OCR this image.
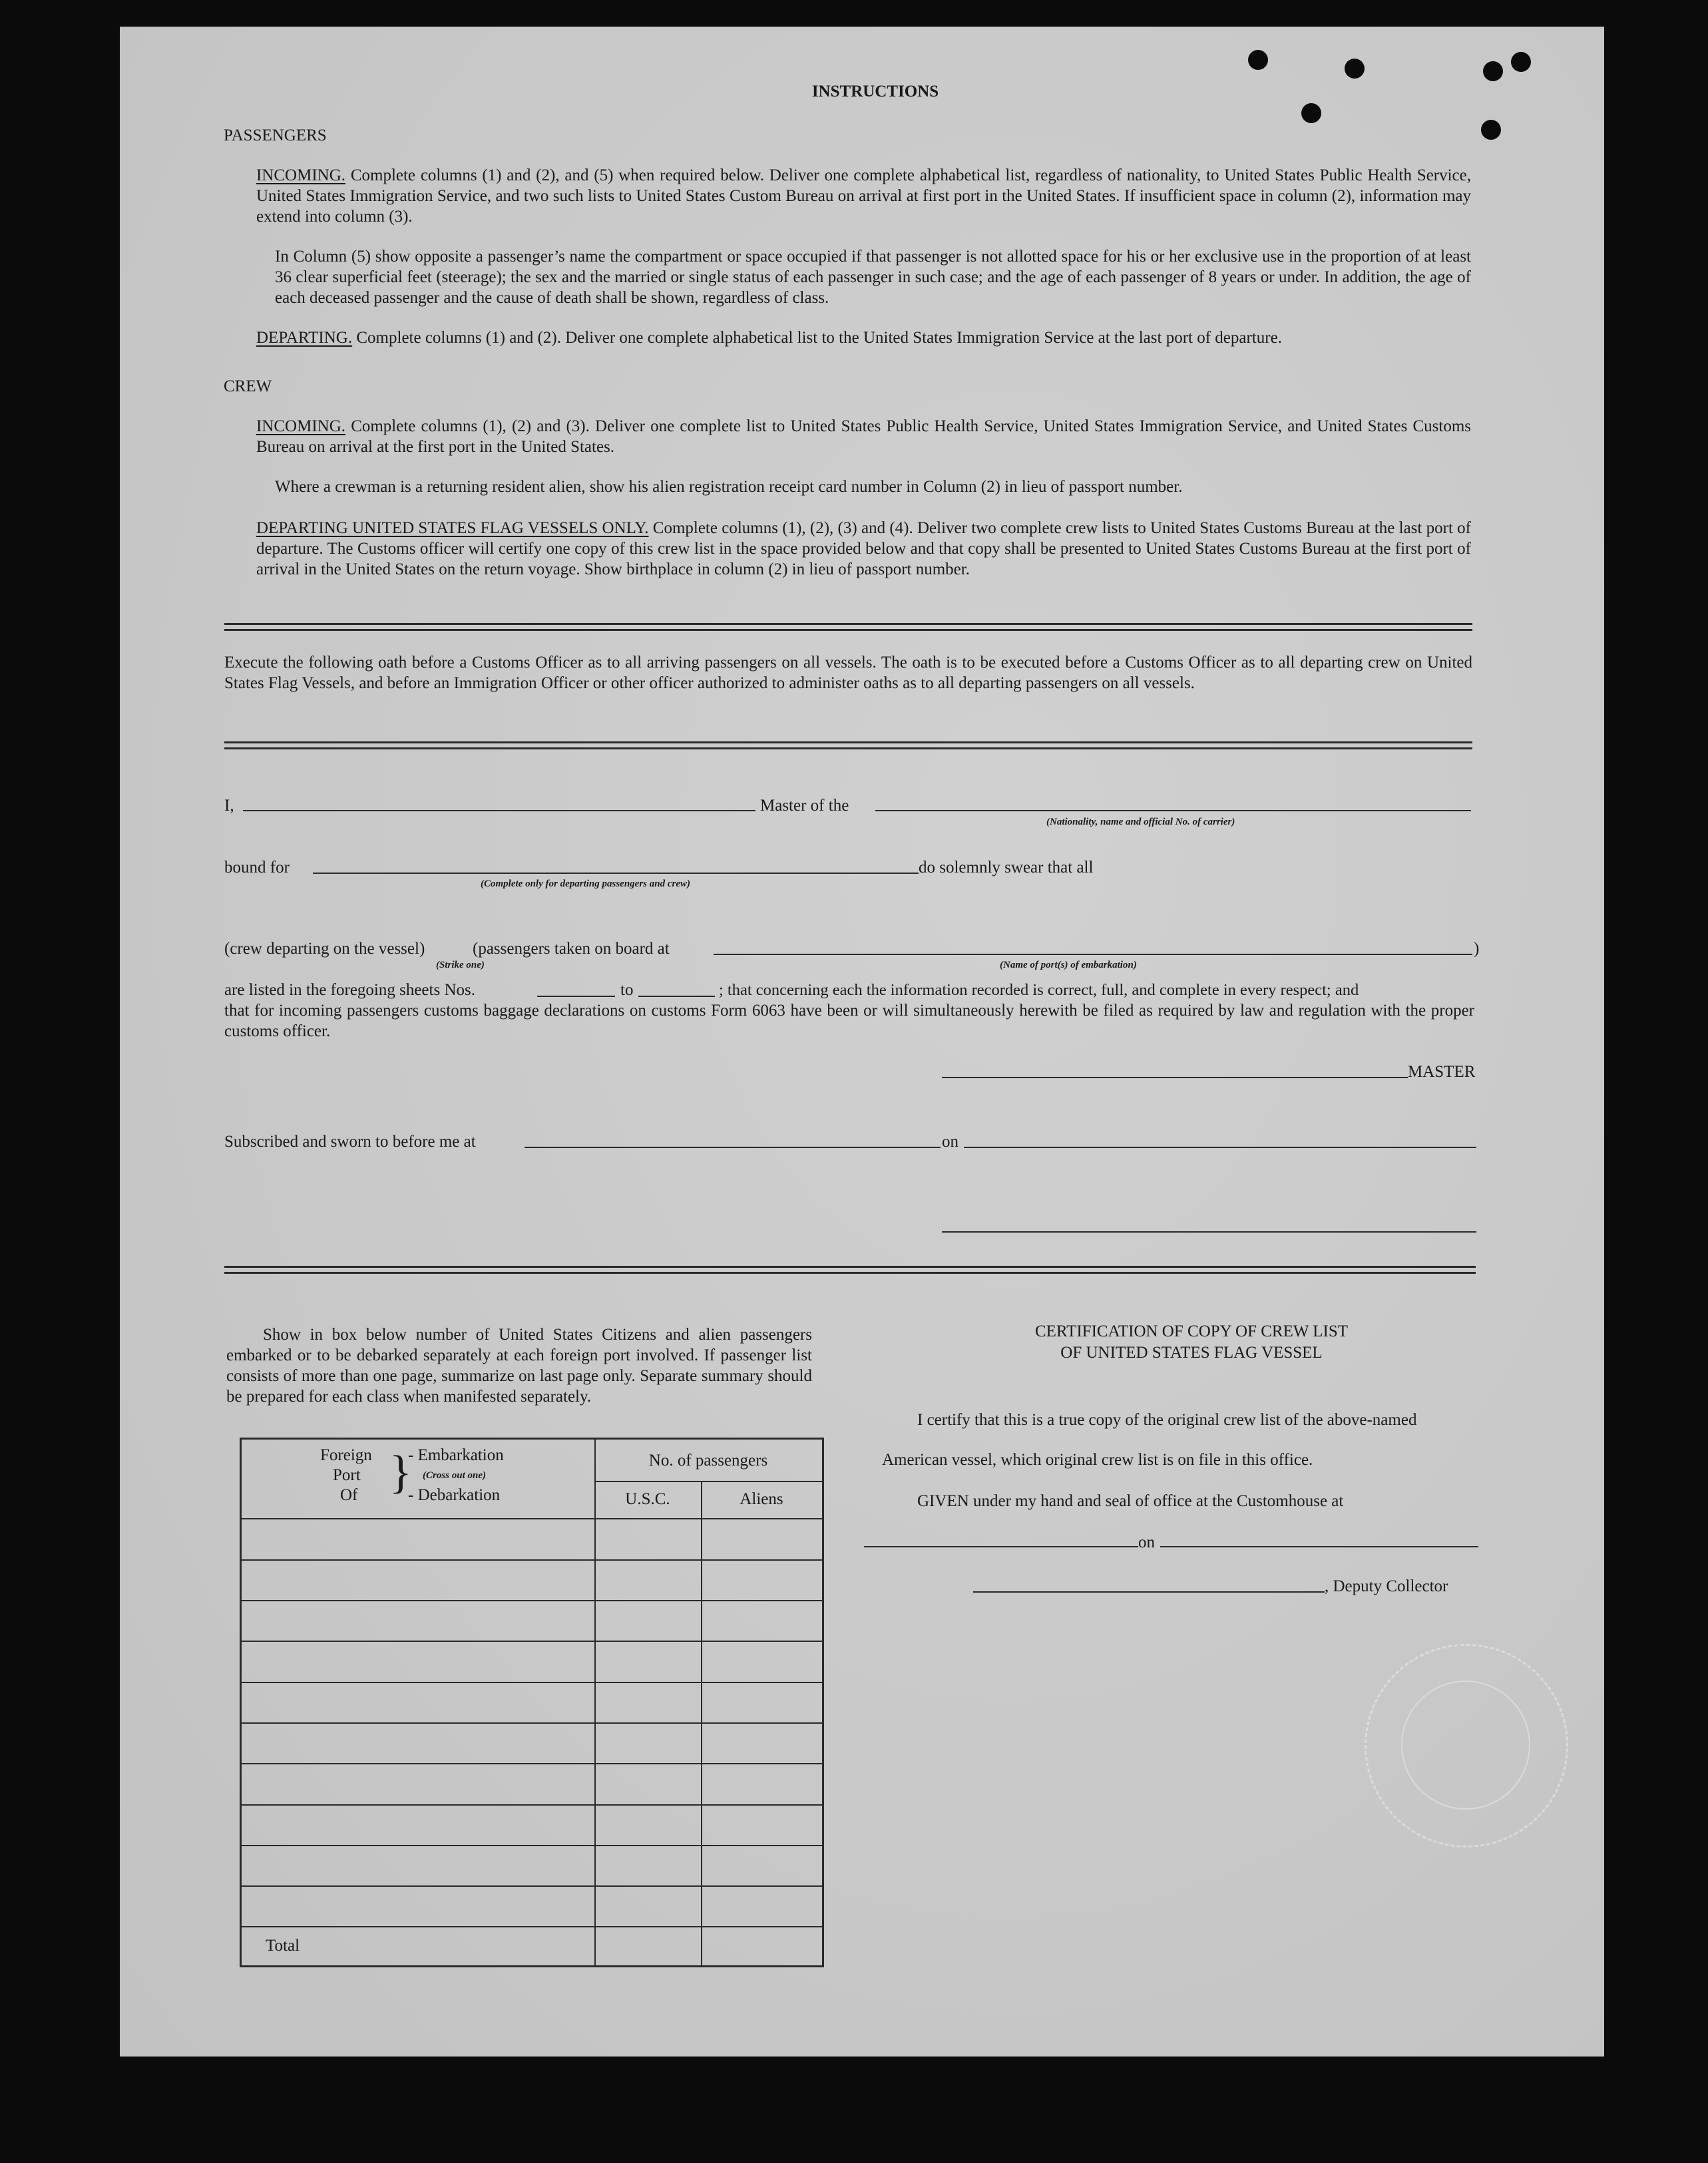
INSTRUCTIONS
PASSENGERS
INCOMING. Complete columns (1) and (2), and (5) when required below. Deliver one complete alphabetical list, regardless of nationality, to United States Public Health Service, United States Immigration Service, and two such lists to United States Custom Bureau on arrival at first port in the United States. If insufficient space in column (2), information may extend into column (3).
In Column (5) show opposite a passenger’s name the compartment or space occupied if that passenger is not allotted space for his or her exclusive use in the proportion of at least 36 clear superficial feet (steerage); the sex and the married or single status of each passenger in such case; and the age of each passenger of 8 years or under. In addition, the age of each deceased passenger and the cause of death shall be shown, regardless of class.
DEPARTING. Complete columns (1) and (2). Deliver one complete alphabetical list to the United States Immigration Service at the last port of departure.
CREW
INCOMING. Complete columns (1), (2) and (3). Deliver one complete list to United States Public Health Service, United States Immigration Service, and United States Customs Bureau on arrival at the first port in the United States.
Where a crewman is a returning resident alien, show his alien registration receipt card number in Column (2) in lieu of passport number.
DEPARTING UNITED STATES FLAG VESSELS ONLY. Complete columns (1), (2), (3) and (4). Deliver two complete crew lists to United States Customs Bureau at the last port of departure. The Customs officer will certify one copy of this crew list in the space provided below and that copy shall be presented to United States Customs Bureau at the first port of arrival in the United States on the return voyage. Show birthplace in column (2) in lieu of passport number.
Execute the following oath before a Customs Officer as to all arriving passengers on all vessels. The oath is to be executed before a Customs Officer as to all departing crew on United States Flag Vessels, and before an Immigration Officer or other officer authorized to administer oaths as to all departing passengers on all vessels.
I,	Master of the
(Nationality, name and official No. of carrier)
bound for	do solemnly swear that all
(Complete only for departing passengers and crew)
(crew departing on the vessel)	(passengers taken on board at	)
(Strike one)	(Name of port(s) of embarkation)
are listed in the foregoing sheets Nos.	to	; that concerning each the information recorded is correct, full, and complete in every respect; and
that for incoming passengers customs baggage declarations on customs Form 6063 have been or will simultaneously herewith be filed as required by law and regulation with the proper customs officer.
MASTER
Subscribed and sworn to before me at	on
Show in box below number of United States Citizens and alien passengers embarked or to be debarked separately at each foreign port involved. If passenger list consists of more than one page, summarize on last page only. Separate summary should be prepared for each class when manifested separately.
Foreign
Port
Of }
- Embarkation
(Cross out one)
- Debarkation
No. of passengers
U.S.C.	Aliens
Total
CERTIFICATION OF COPY OF CREW LIST
OF UNITED STATES FLAG VESSEL
I certify that this is a true copy of the original crew list of the above-named
American vessel, which original crew list is on file in this office.
GIVEN under my hand and seal of office at the Customhouse at
on
, Deputy Collector
